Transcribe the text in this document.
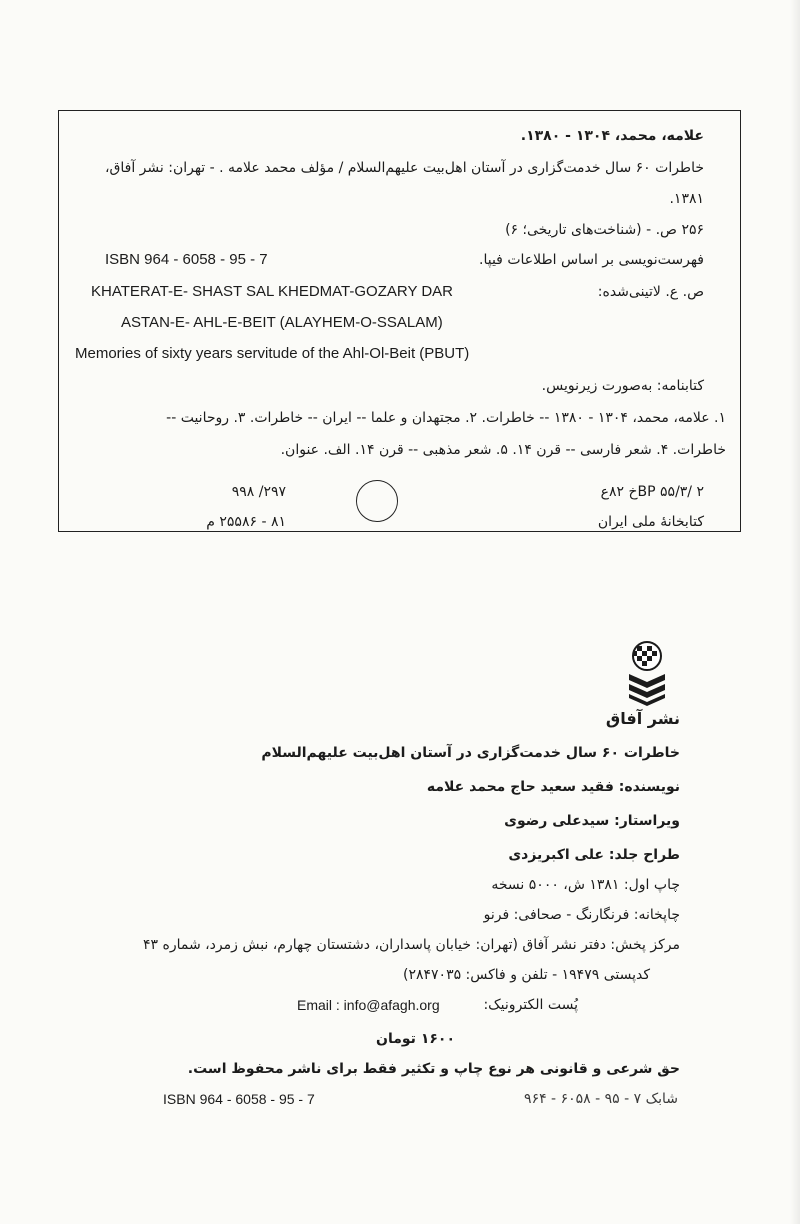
علامه، محمد، ۱۳۰۴ - ۱۳۸۰.
خاطرات ۶۰ سال خدمت‌گزاری در آستان اهل‌بیت علیهم‌السلام / مؤلف محمد علامه . - تهران: نشر آفاق،
۱۳۸۱.
۲۵۶ ص. - (شناخت‌های تاریخی؛ ۶)
ISBN 964 - 6058 - 95 - 7	فهرست‌نویسی بر اساس اطلاعات فیپا.
ص. ع. لاتینی‌شده:
KHATERAT-E- SHAST SAL KHEDMAT-GOZARY DAR
ASTAN-E- AHL-E-BEIT (ALAYHEM-O-SSALAM)
Memories of sixty years servitude of the Ahl-Ol-Beit (PBUT)
کتابنامه: به‌صورت زیرنویس.
۱. علامه، محمد، ۱۳۰۴ - ۱۳۸۰ -- خاطرات. ۲. مجتهدان و علما -- ایران -- خاطرات. ۳. روحانیت --
خاطرات. ۴. شعر فارسی -- قرن ۱۴. ۵. شعر مذهبی -- قرن ۱۴. الف. عنوان.
BP ۵۵/۳/ ۲خ ۸۲ع
۲۹۷/ ۹۹۸
کتابخانهٔ ملی ایران
۸۱ - ۲۵۵۸۶ م
نشر آفاق
خاطرات ۶۰ سال خدمت‌گزاری در آستان اهل‌بیت علیهم‌السلام
نویسنده: فقید سعید حاج محمد علامه
ویراستار: سیدعلی رضوی
طراح جلد: علی اکبریزدی
چاپ اول: ۱۳۸۱ ش، ۵۰۰۰ نسخه
چاپخانه: فرنگارنگ - صحافی: فرنو
مرکز پخش: دفتر نشر آفاق (تهران: خیابان پاسداران، دشتستان چهارم، نبش زمرد، شماره ۴۳
کدپستی ۱۹۴۷۹ - تلفن و فاکس: ۲۸۴۷۰۳۵)
پُست الکترونیک:
Email : info@afagh.org
۱۶۰۰ تومان
حق شرعی و قانونی هر نوع چاپ و تکثیر فقط برای ناشر محفوظ است.
ISBN 964 - 6058 - 95 - 7	شابک ۷ - ۹۵ - ۶۰۵۸ - ۹۶۴
